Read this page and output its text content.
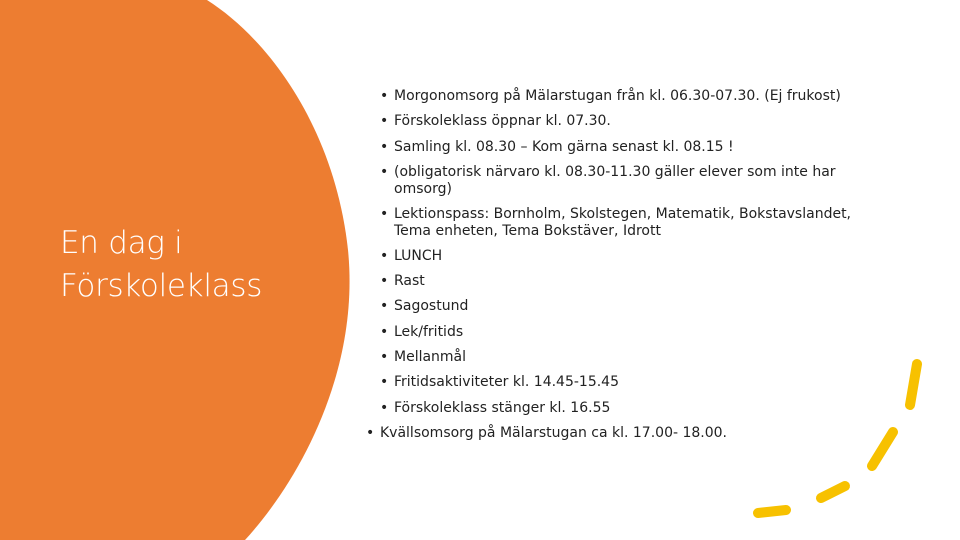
En dag i
Förskoleklass
• Morgonomsorg på Mälarstugan från kl. 06.30-07.30. (Ej frukost)
• Förskoleklass öppnar kl. 07.30.
• Samling kl. 08.30 – Kom gärna senast kl. 08.15 !
• (obligatorisk närvaro kl. 08.30-11.30 gäller elever som inte har omsorg)
• Lektionspass: Bornholm, Skolstegen, Matematik, Bokstavslandet, Tema enheten, Tema Bokstäver, Idrott
• LUNCH
• Rast
• Sagostund
• Lek/fritids
• Mellanmål
• Fritidsaktiviteter kl. 14.45-15.45
• Förskoleklass stänger kl. 16.55
• Kvällsomsorg på Mälarstugan ca kl. 17.00- 18.00.
